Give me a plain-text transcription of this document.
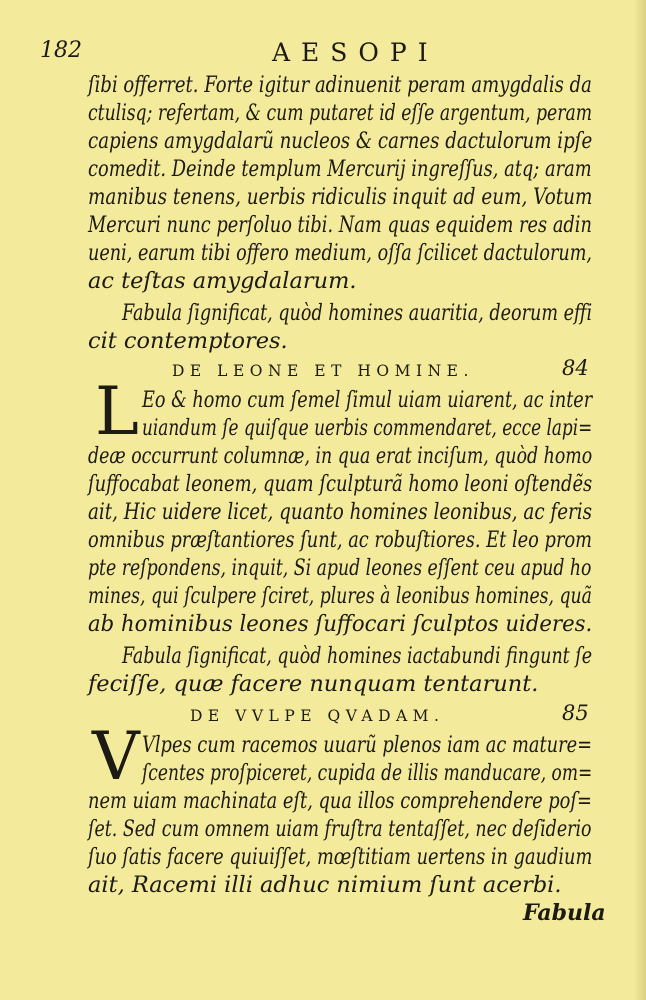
182	AESOPI
ſibi offerret. Forte igitur adinuenit peram amygdalis da
ctulisq; refertam, & cum putaret id eſſe argentum, peram
capiens amygdalarũ nucleos & carnes dactulorum ipſe
comedit. Deinde templum Mercurij ingreſſus, atq; aram
manibus tenens, uerbis ridiculis inquit ad eum, Votum
Mercuri nunc perſoluo tibi. Nam quas equidem res adin
ueni, earum tibi offero medium, oſſa ſcilicet dactulorum,
ac teſtas amygdalarum.
Fabula ſignificat, quòd homines auaritia, deorum effi
cit contemptores.
DE LEONE ET HOMINE.	84
L Eo & homo cum ſemel ſimul uiam uiarent, ac inter
uiandum ſe quiſque uerbis commendaret, ecce lapi=
deæ occurrunt columnæ, in qua erat inciſum, quòd homo
ſuffocabat leonem, quam ſculpturã homo leoni oſtendẽs
ait, Hic uidere licet, quanto homines leonibus, ac feris
omnibus præſtantiores ſunt, ac robuſtiores. Et leo prom
pte reſpondens, inquit, Si apud leones eſſent ceu apud ho
mines, qui ſculpere ſciret, plures à leonibus homines, quã
ab hominibus leones ſuffocari ſculptos uideres.
Fabula ſignificat, quòd homines iactabundi fingunt ſe
feciſſe, quæ facere nunquam tentarunt.
DE VVLPE QVADAM.	85
V Vlpes cum racemos uuarũ plenos iam ac mature=
ſcentes proſpiceret, cupida de illis manducare, om=
nem uiam machinata eſt, qua illos comprehendere poſ=
ſet. Sed cum omnem uiam fruſtra tentaſſet, nec deſiderio
ſuo ſatis facere quiuiſſet, mœſtitiam uertens in gaudium
ait, Racemi illi adhuc nimium ſunt acerbi.
Fabula
